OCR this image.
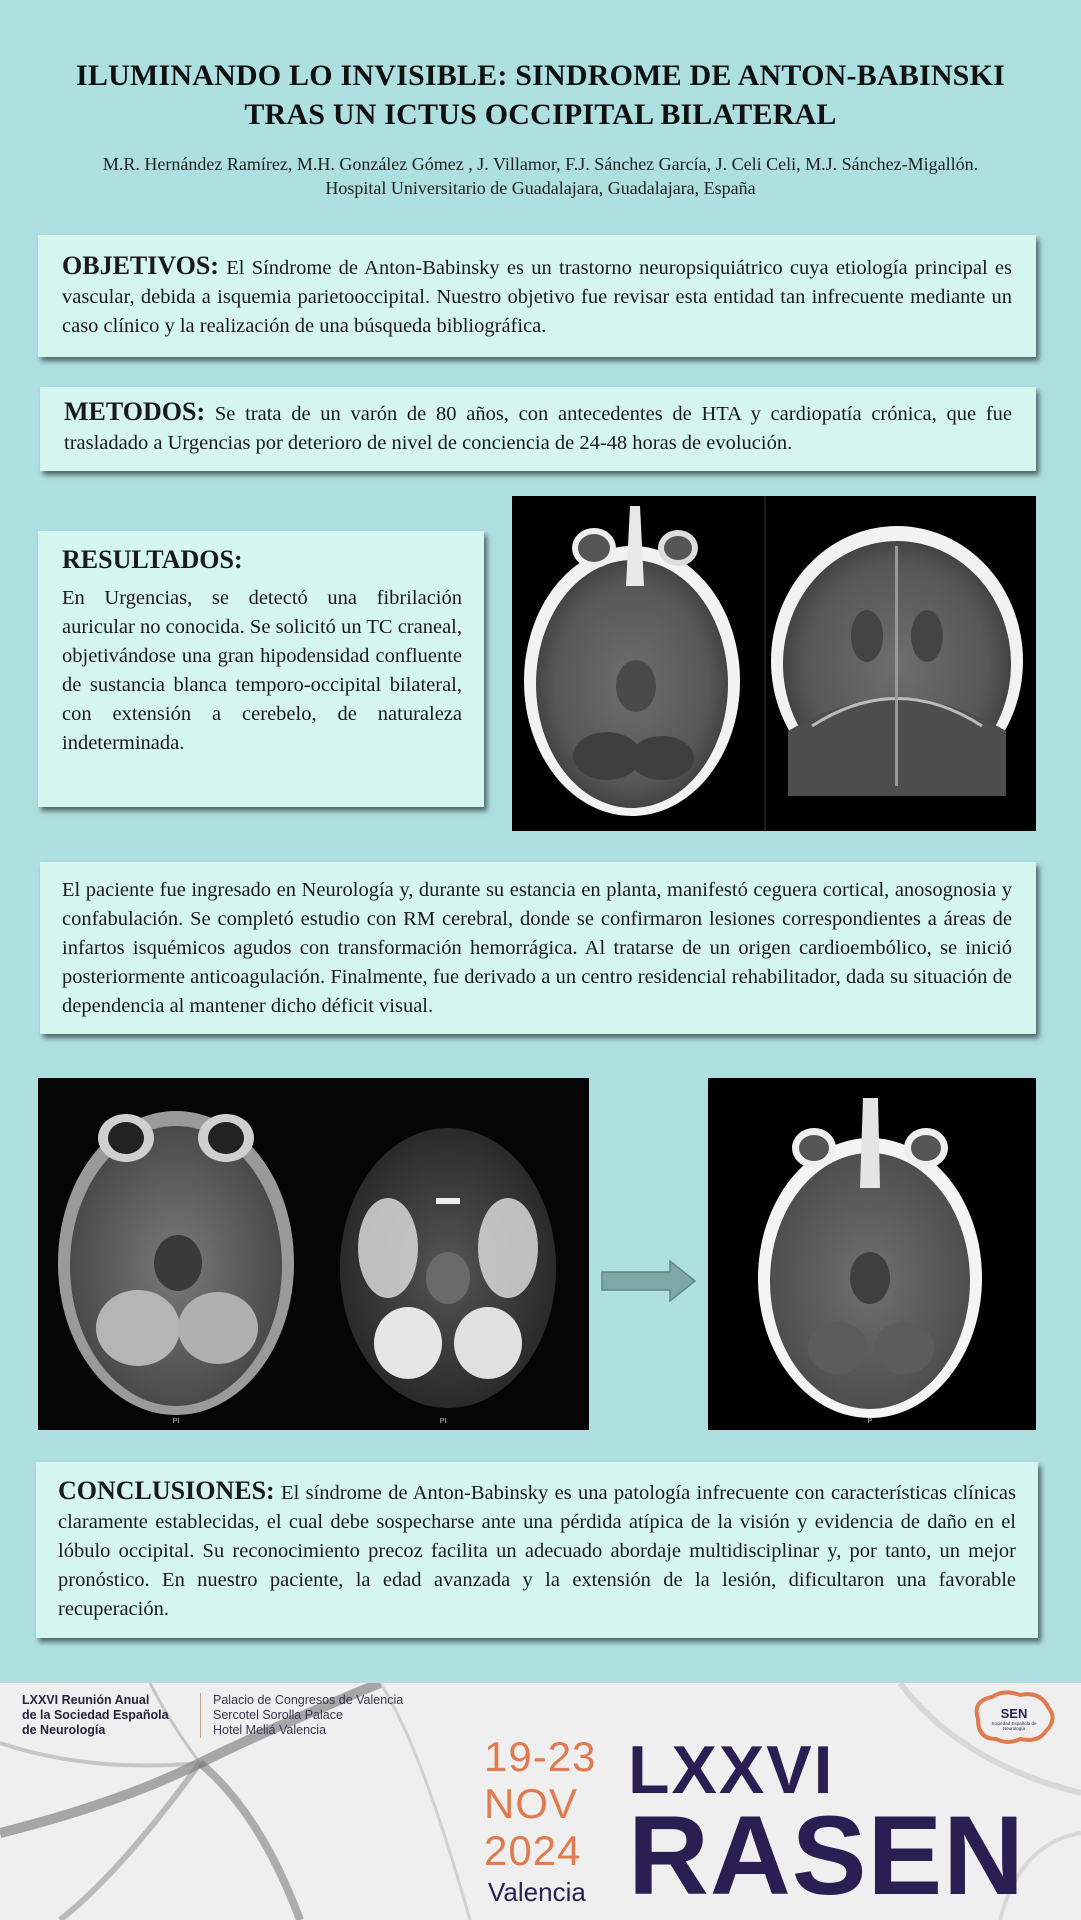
ILUMINANDO LO INVISIBLE: SINDROME DE ANTON-BABINSKI
TRAS UN ICTUS OCCIPITAL BILATERAL
M.R. Hernández Ramírez, M.H. González Gómez , J. Villamor, F.J. Sánchez García, J. Celi Celi, M.J. Sánchez-Migallón.
Hospital Universitario de Guadalajara, Guadalajara, España
OBJETIVOS: El Síndrome de Anton-Babinsky es un trastorno neuropsiquiátrico cuya etiología principal es vascular, debida a isquemia parietooccipital. Nuestro objetivo fue revisar esta entidad tan infrecuente mediante un caso clínico y la realización de una búsqueda bibliográfica.
METODOS: Se trata de un varón de 80 años, con antecedentes de HTA y cardiopatía crónica, que fue trasladado a Urgencias por deterioro de nivel de conciencia de 24-48 horas de evolución.
RESULTADOS:
En Urgencias, se detectó una fibrilación auricular no conocida. Se solicitó un TC craneal, objetivándose una gran hipodensidad confluente de sustancia blanca temporo-occipital bilateral, con extensión a cerebelo, de naturaleza indeterminada.
El paciente fue ingresado en Neurología y, durante su estancia en planta, manifestó ceguera cortical, anosognosia y confabulación. Se completó estudio con RM cerebral, donde se confirmaron lesiones correspondientes a áreas de infartos isquémicos agudos con transformación hemorrágica. Al tratarse de un origen cardioembólico, se inició posteriormente anticoagulación. Finalmente, fue derivado a un centro residencial rehabilitador, dada su situación de dependencia al mantener dicho déficit visual.
PI	PI	P
CONCLUSIONES: El síndrome de Anton-Babinsky es una patología infrecuente con características clínicas claramente establecidas, el cual debe sospecharse ante una pérdida atípica de la visión y evidencia de daño en el lóbulo occipital. Su reconocimiento precoz facilita un adecuado abordaje multidisciplinar y, por tanto, un mejor pronóstico. En nuestro paciente, la edad avanzada y la extensión de la lesión, dificultaron una favorable recuperación.
LXXVI Reunión Anual
de la Sociedad Española
de Neurología
Palacio de Congresos de Valencia
Sercotel Sorolla Palace
Hotel Meliá Valencia
19-23
NOV
2024
Valencia
LXXVI
RASEN
SEN
Sociedad Española de Neurología
